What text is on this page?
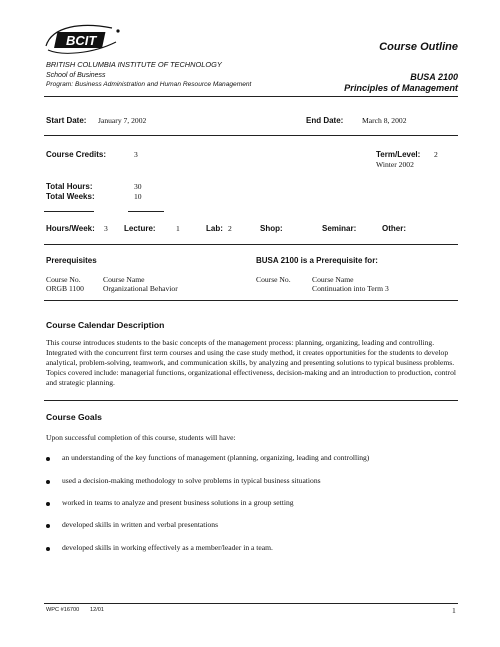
BCIT
BRITISH COLUMBIA INSTITUTE OF TECHNOLOGY
School of Business
Program: Business Administration and Human Resource Management
Course Outline
BUSA 2100
Principles of Management
Start Date: January 7, 2002	End Date: March 8, 2002
Course Credits:	3	Term/Level: 2
Winter 2002
Total Hours:	30
Total Weeks:	10
Hours/Week: 3 Lecture:	1	Lab: 2	Shop:	Seminar:	Other:
Prerequisites	BUSA 2100 is a Prerequisite for:
Course No.	Course Name
ORGB 1100	Organizational Behavior
Course No.	Course Name
Continuation into Term 3
Course Calendar Description
This course introduces students to the basic concepts of the management process: planning, organizing, leading and controlling. Integrated with the concurrent first term courses and using the case study method, it creates opportunities for the students to develop analytical, problem-solving, teamwork, and communication skills, by analyzing and presenting solutions to typical business problems. Topics covered include: managerial functions, organizational effectiveness, decision-making and an introduction to production, control and strategic planning.
Course Goals
Upon successful completion of this course, students will have:
an understanding of the key functions of management (planning, organizing, leading and controlling)
used a decision-making methodology to solve problems in typical business situations
worked in teams to analyze and present business solutions in a group setting
developed skills in written and verbal presentations
developed skills in working effectively as a member/leader in a team.
WPC #16700 12/01	1
